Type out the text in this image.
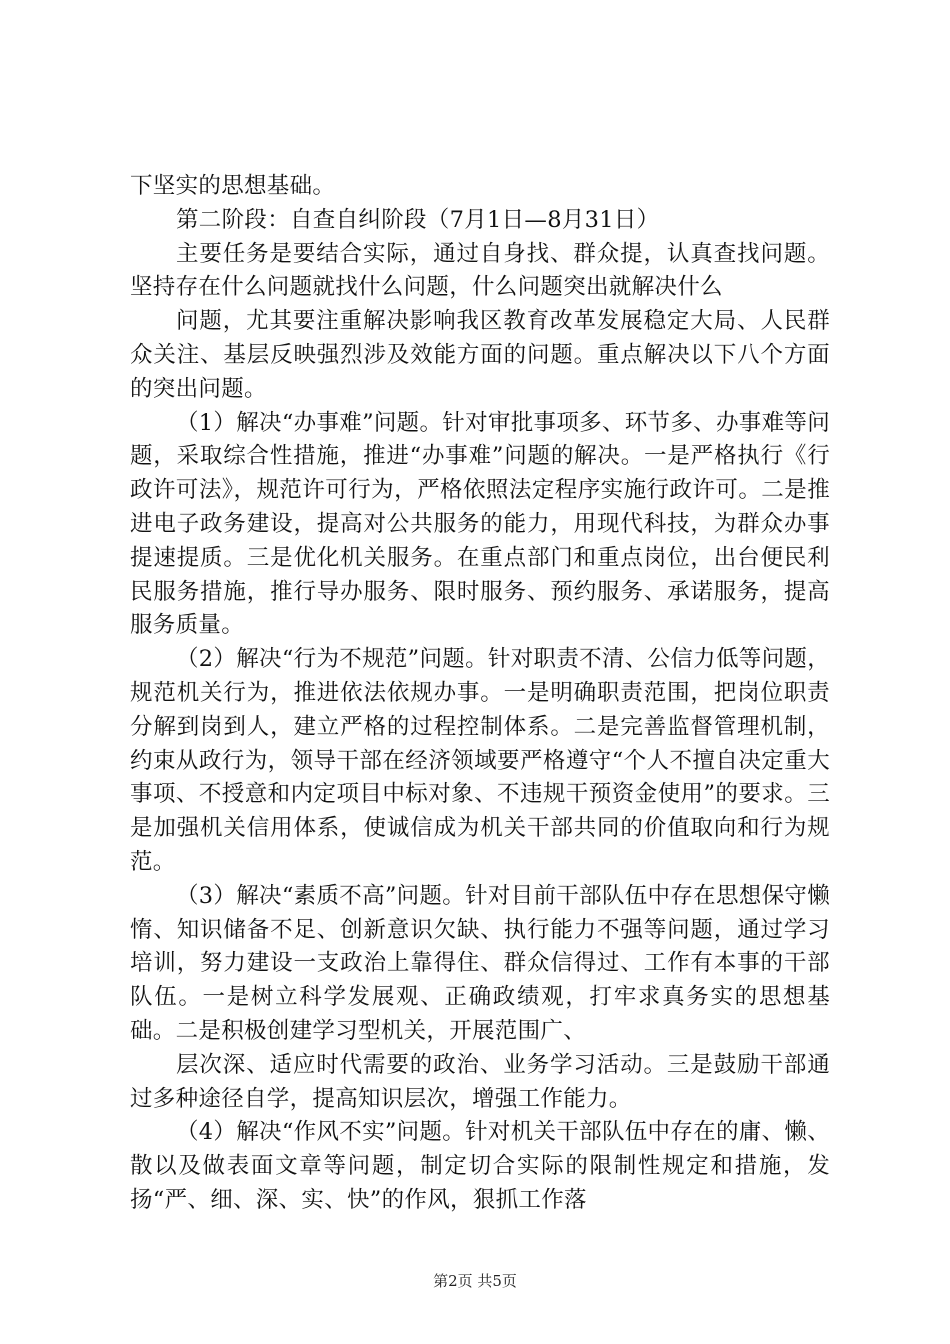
下坚实的思想基础。

第二阶段：自查自纠阶段（7月1日—8月31日）

主要任务是要结合实际，通过自身找、群众提，认真查找问题。坚持存在什么问题就找什么问题，什么问题突出就解决什么

问题，尤其要注重解决影响我区教育改革发展稳定大局、人民群众关注、基层反映强烈涉及效能方面的问题。重点解决以下八个方面的突出问题。

（1）解决“办事难”问题。针对审批事项多、环节多、办事难等问题，采取综合性措施，推进“办事难”问题的解决。一是严格执行《行政许可法》，规范许可行为，严格依照法定程序实施行政许可。二是推进电子政务建设，提高对公共服务的能力，用现代科技，为群众办事提速提质。三是优化机关服务。在重点部门和重点岗位，出台便民利民服务措施，推行导办服务、限时服务、预约服务、承诺服务，提高服务质量。

（2）解决“行为不规范”问题。针对职责不清、公信力低等问题，规范机关行为，推进依法依规办事。一是明确职责范围，把岗位职责分解到岗到人，建立严格的过程控制体系。二是完善监督管理机制，约束从政行为，领导干部在经济领域要严格遵守“个人不擅自决定重大事项、不授意和内定项目中标对象、不违规干预资金使用”的要求。三是加强机关信用体系，使诚信成为机关干部共同的价值取向和行为规范。

（3）解决“素质不高”问题。针对目前干部队伍中存在思想保守懒惰、知识储备不足、创新意识欠缺、执行能力不强等问题，通过学习培训，努力建设一支政治上靠得住、群众信得过、工作有本事的干部队伍。一是树立科学发展观、正确政绩观，打牢求真务实的思想基础。二是积极创建学习型机关，开展范围广、

层次深、适应时代需要的政治、业务学习活动。三是鼓励干部通过多种途径自学，提高知识层次，增强工作能力。

（4）解决“作风不实”问题。针对机关干部队伍中存在的庸、懒、散以及做表面文章等问题，制定切合实际的限制性规定和措施，发扬“严、细、深、实、快”的作风，狠抓工作落

第2页 共5页
